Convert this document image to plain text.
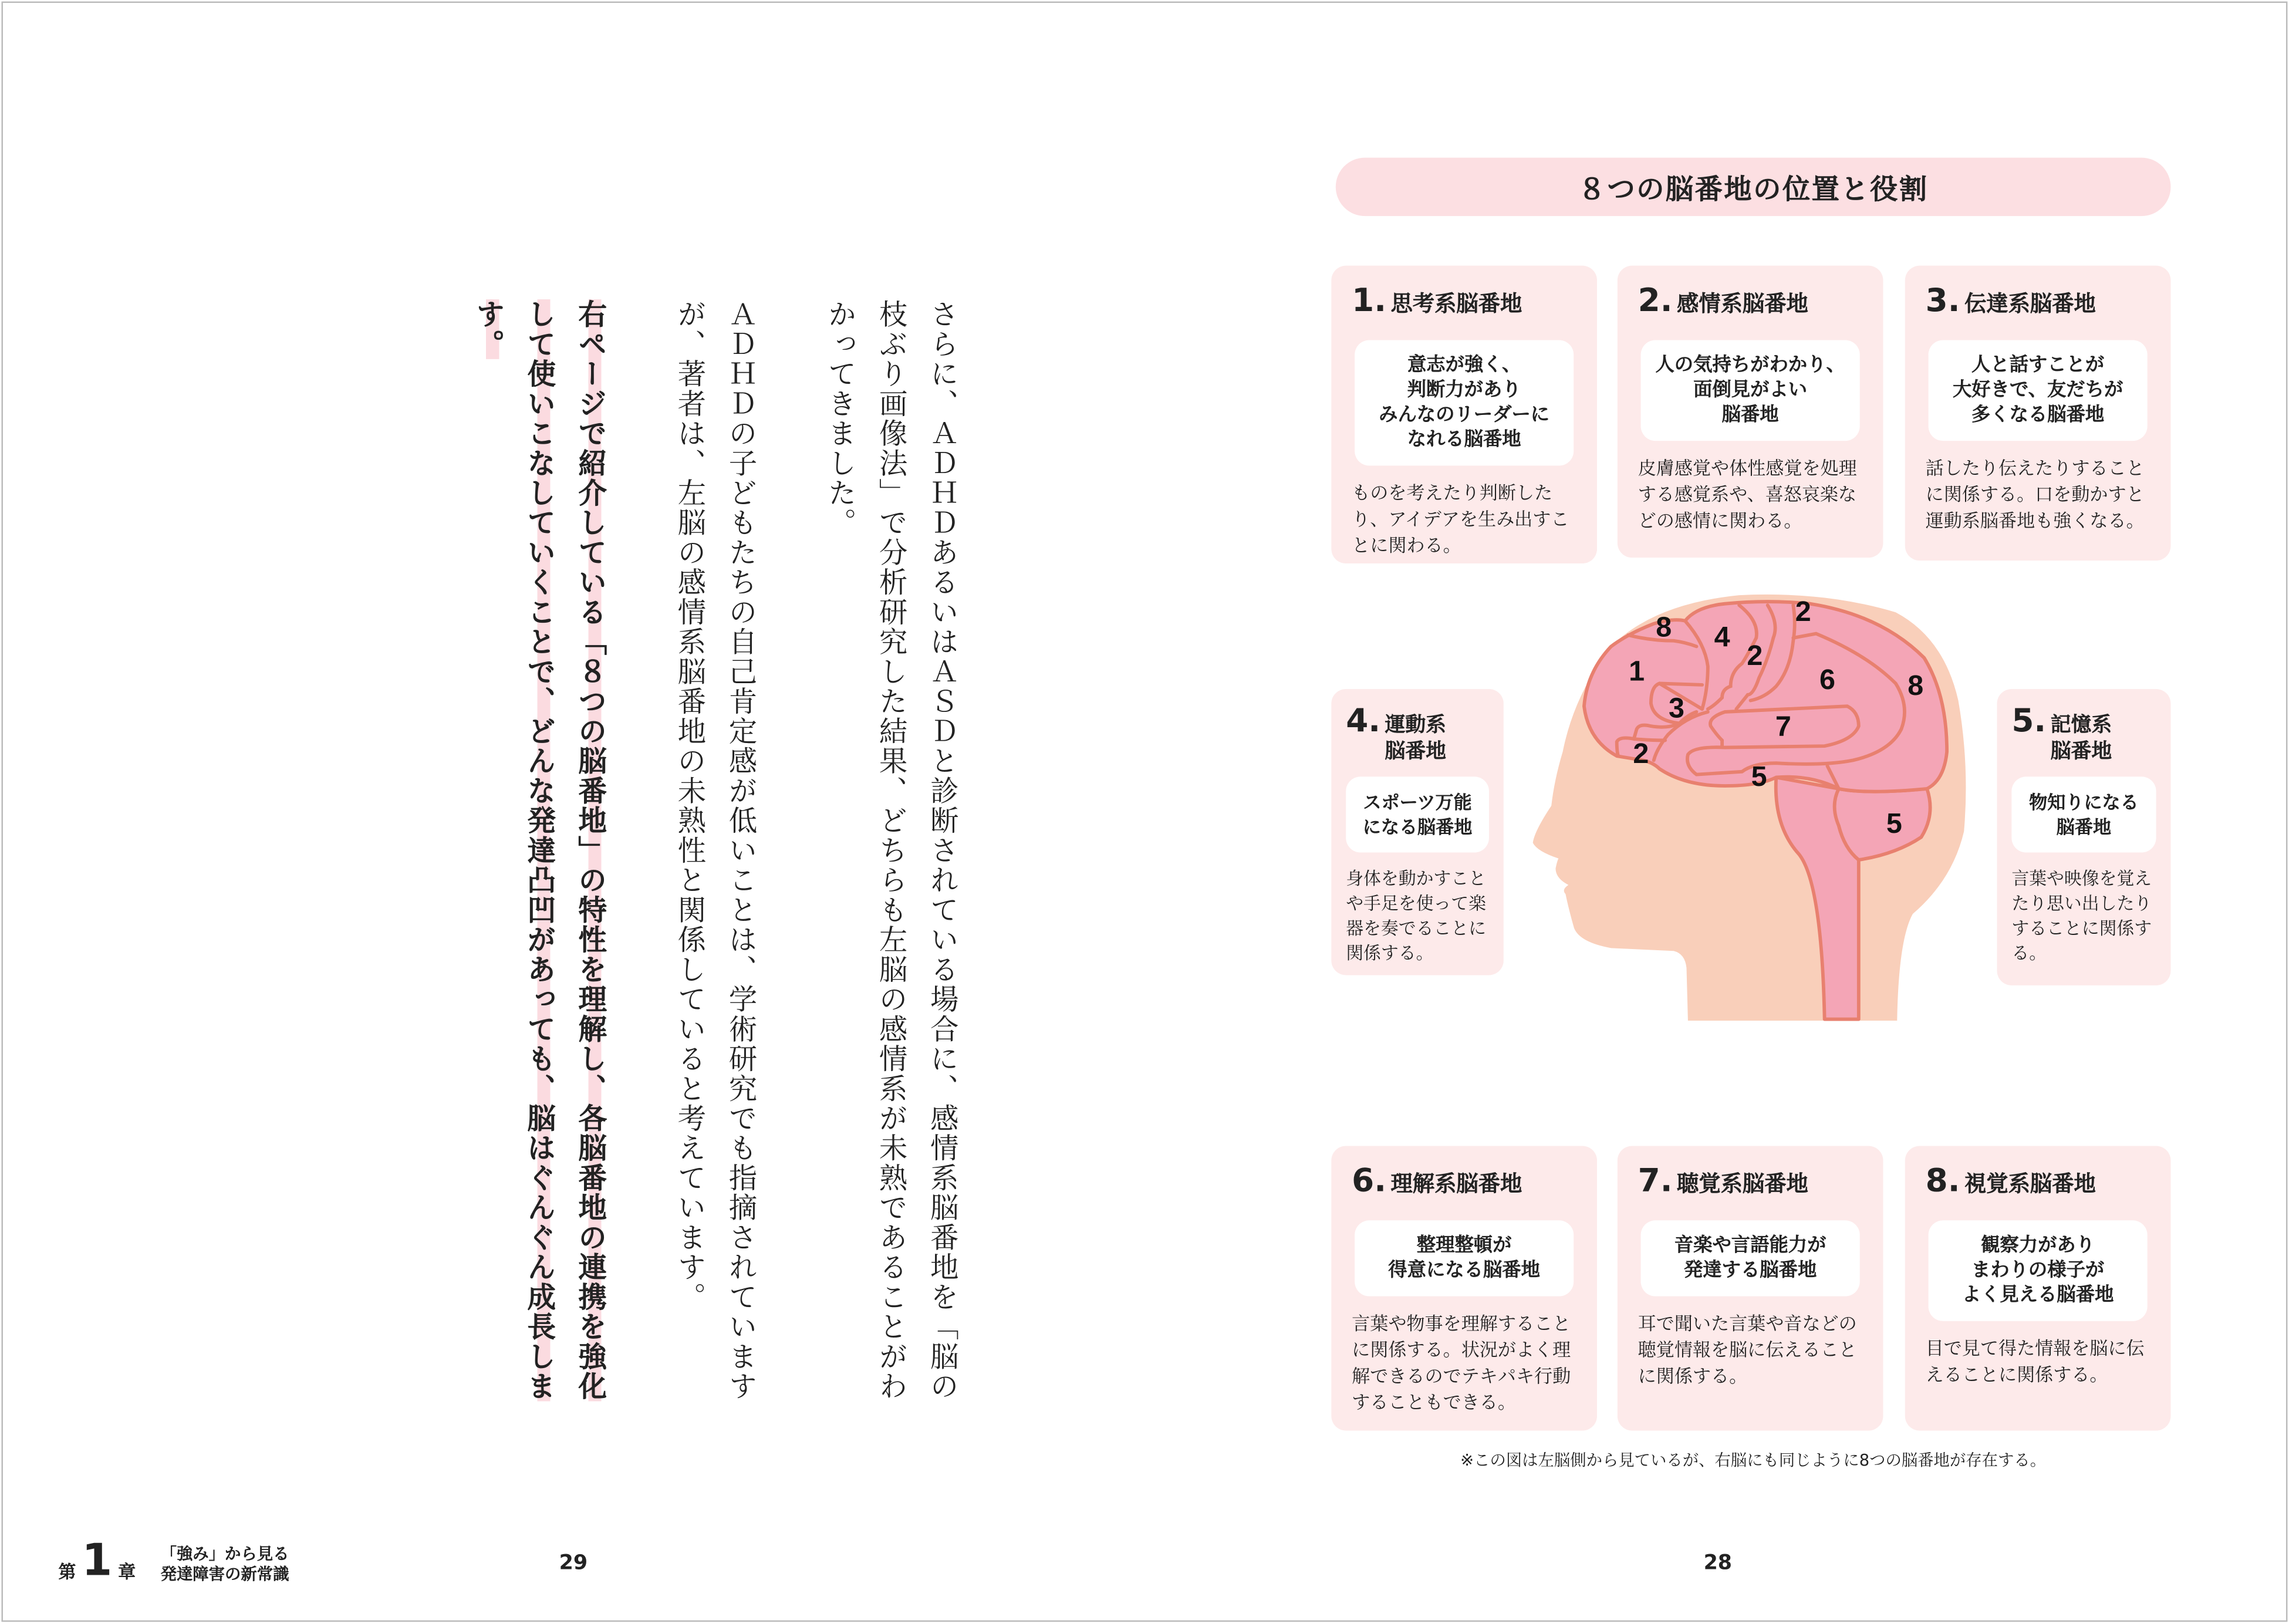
さらに、ＡＤＨＤあるいはＡＳＤと診断されている場合に、感情系脳番地を「脳の枝ぶり画像法」で分析研究した結果、どちらも左脳の感情系が未熟であることがわかってきました。

ＡＤＨＤの子どもたちの自己肯定感が低いことは、学術研究でも指摘されていますが、著者は、左脳の感情系脳番地の未熟性と関係していると考えています。

右ページで紹介している「８つの脳番地」の特性を理解し、各脳番地の連携を強化して使いこなしていくことで、どんな発達凸凹があっても、脳はぐんぐん成長します。

第 1 章
「強み」から見る
発達障害の新常識	29
８つの脳番地の位置と役割
1. 思考系脳番地
意志が強く、
判断力があり
みんなのリーダーに
なれる脳番地
ものを考えたり判断したり、アイデアを生み出すことに関わる。
2. 感情系脳番地
人の気持ちがわかり、
面倒見がよい
脳番地
皮膚感覚や体性感覚を処理する感覚系や、喜怒哀楽などの感情に関わる。
3. 伝達系脳番地
人と話すことが
大好きで、友だちが
多くなる脳番地
話したり伝えたりすることに関係する。口を動かすと運動系脳番地も強くなる。
4. 運動系
脳番地
スポーツ万能
になる脳番地
身体を動かすことや手足を使って楽器を奏でることに関係する。
5. 記憶系
脳番地
物知りになる
脳番地
言葉や映像を覚えたり思い出したりすることに関係する。
6. 理解系脳番地
整理整頓が
得意になる脳番地
言葉や物事を理解することに関係する。状況がよく理解できるのでテキパキ行動することもできる。
7. 聴覚系脳番地
音楽や言語能力が
発達する脳番地
耳で聞いた言葉や音などの聴覚情報を脳に伝えることに関係する。
8. 視覚系脳番地
観察力があり
まわりの様子が
よく見える脳番地
目で見て得た情報を脳に伝えることに関係する。
8 4
2
2
1	6 8
3
7
2
5
5
※この図は左脳側から見ているが、右脳にも同じように8つの脳番地が存在する。
28
